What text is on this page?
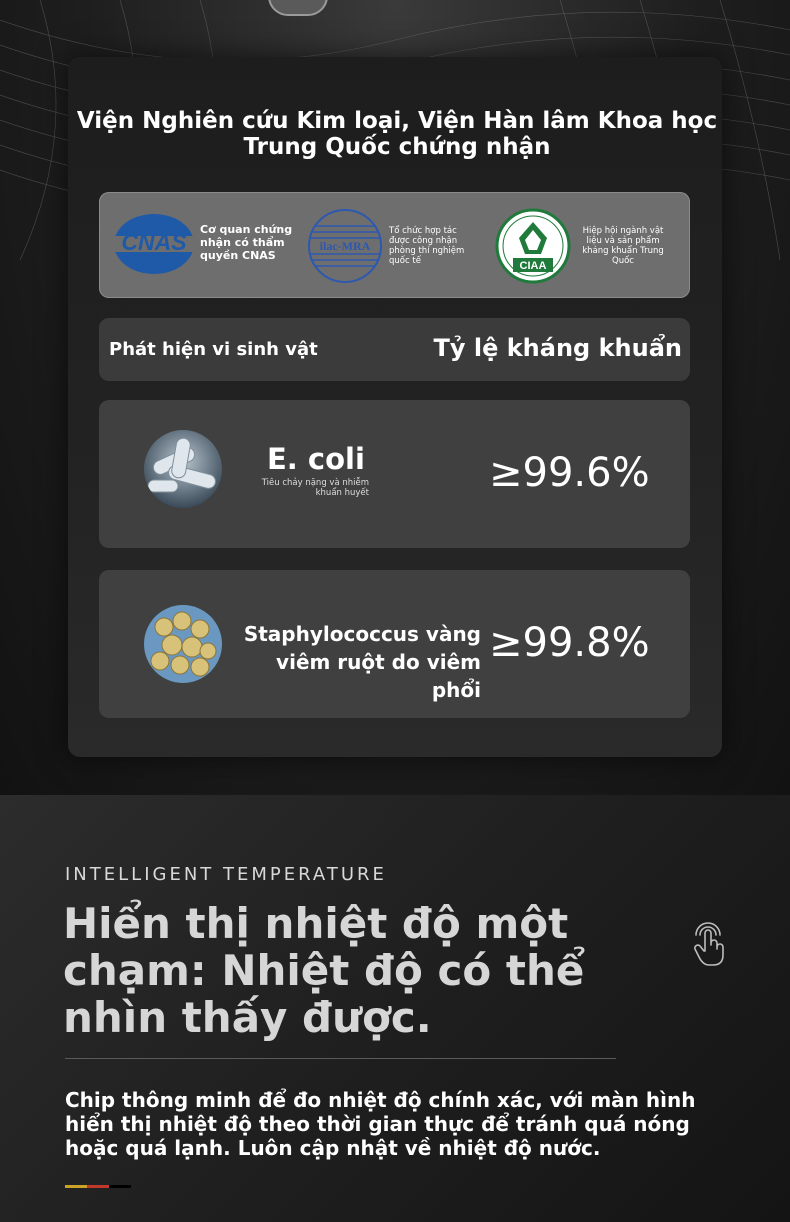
Viện Nghiên cứu Kim loại, Viện Hàn lâm Khoa học Trung Quốc chứng nhận
CNAS Cơ quan chứng
nhận có thẩm
quyền CNAS
ilac-MRA
Tổ chức hợp tác
được công nhận
phòng thí nghiệm
quốc tế	CIAA
Hiệp hội ngành vật
liệu và sản phẩm
kháng khuẩn Trung
Quốc
Phát hiện vi sinh vật	Tỷ lệ kháng khuẩn
E. coli
Tiêu chảy nặng và nhiễm
khuẩn huyết	≥99.6%
Staphylococcus vàng
viêm ruột do viêm phổi
≥99.8%
INTELLIGENT TEMPERATURE
Hiển thị nhiệt độ một
chạm: Nhiệt độ có thể
nhìn thấy được.
Chip thông minh để đo nhiệt độ chính xác, với màn hình
hiển thị nhiệt độ theo thời gian thực để tránh quá nóng
hoặc quá lạnh. Luôn cập nhật về nhiệt độ nước.
